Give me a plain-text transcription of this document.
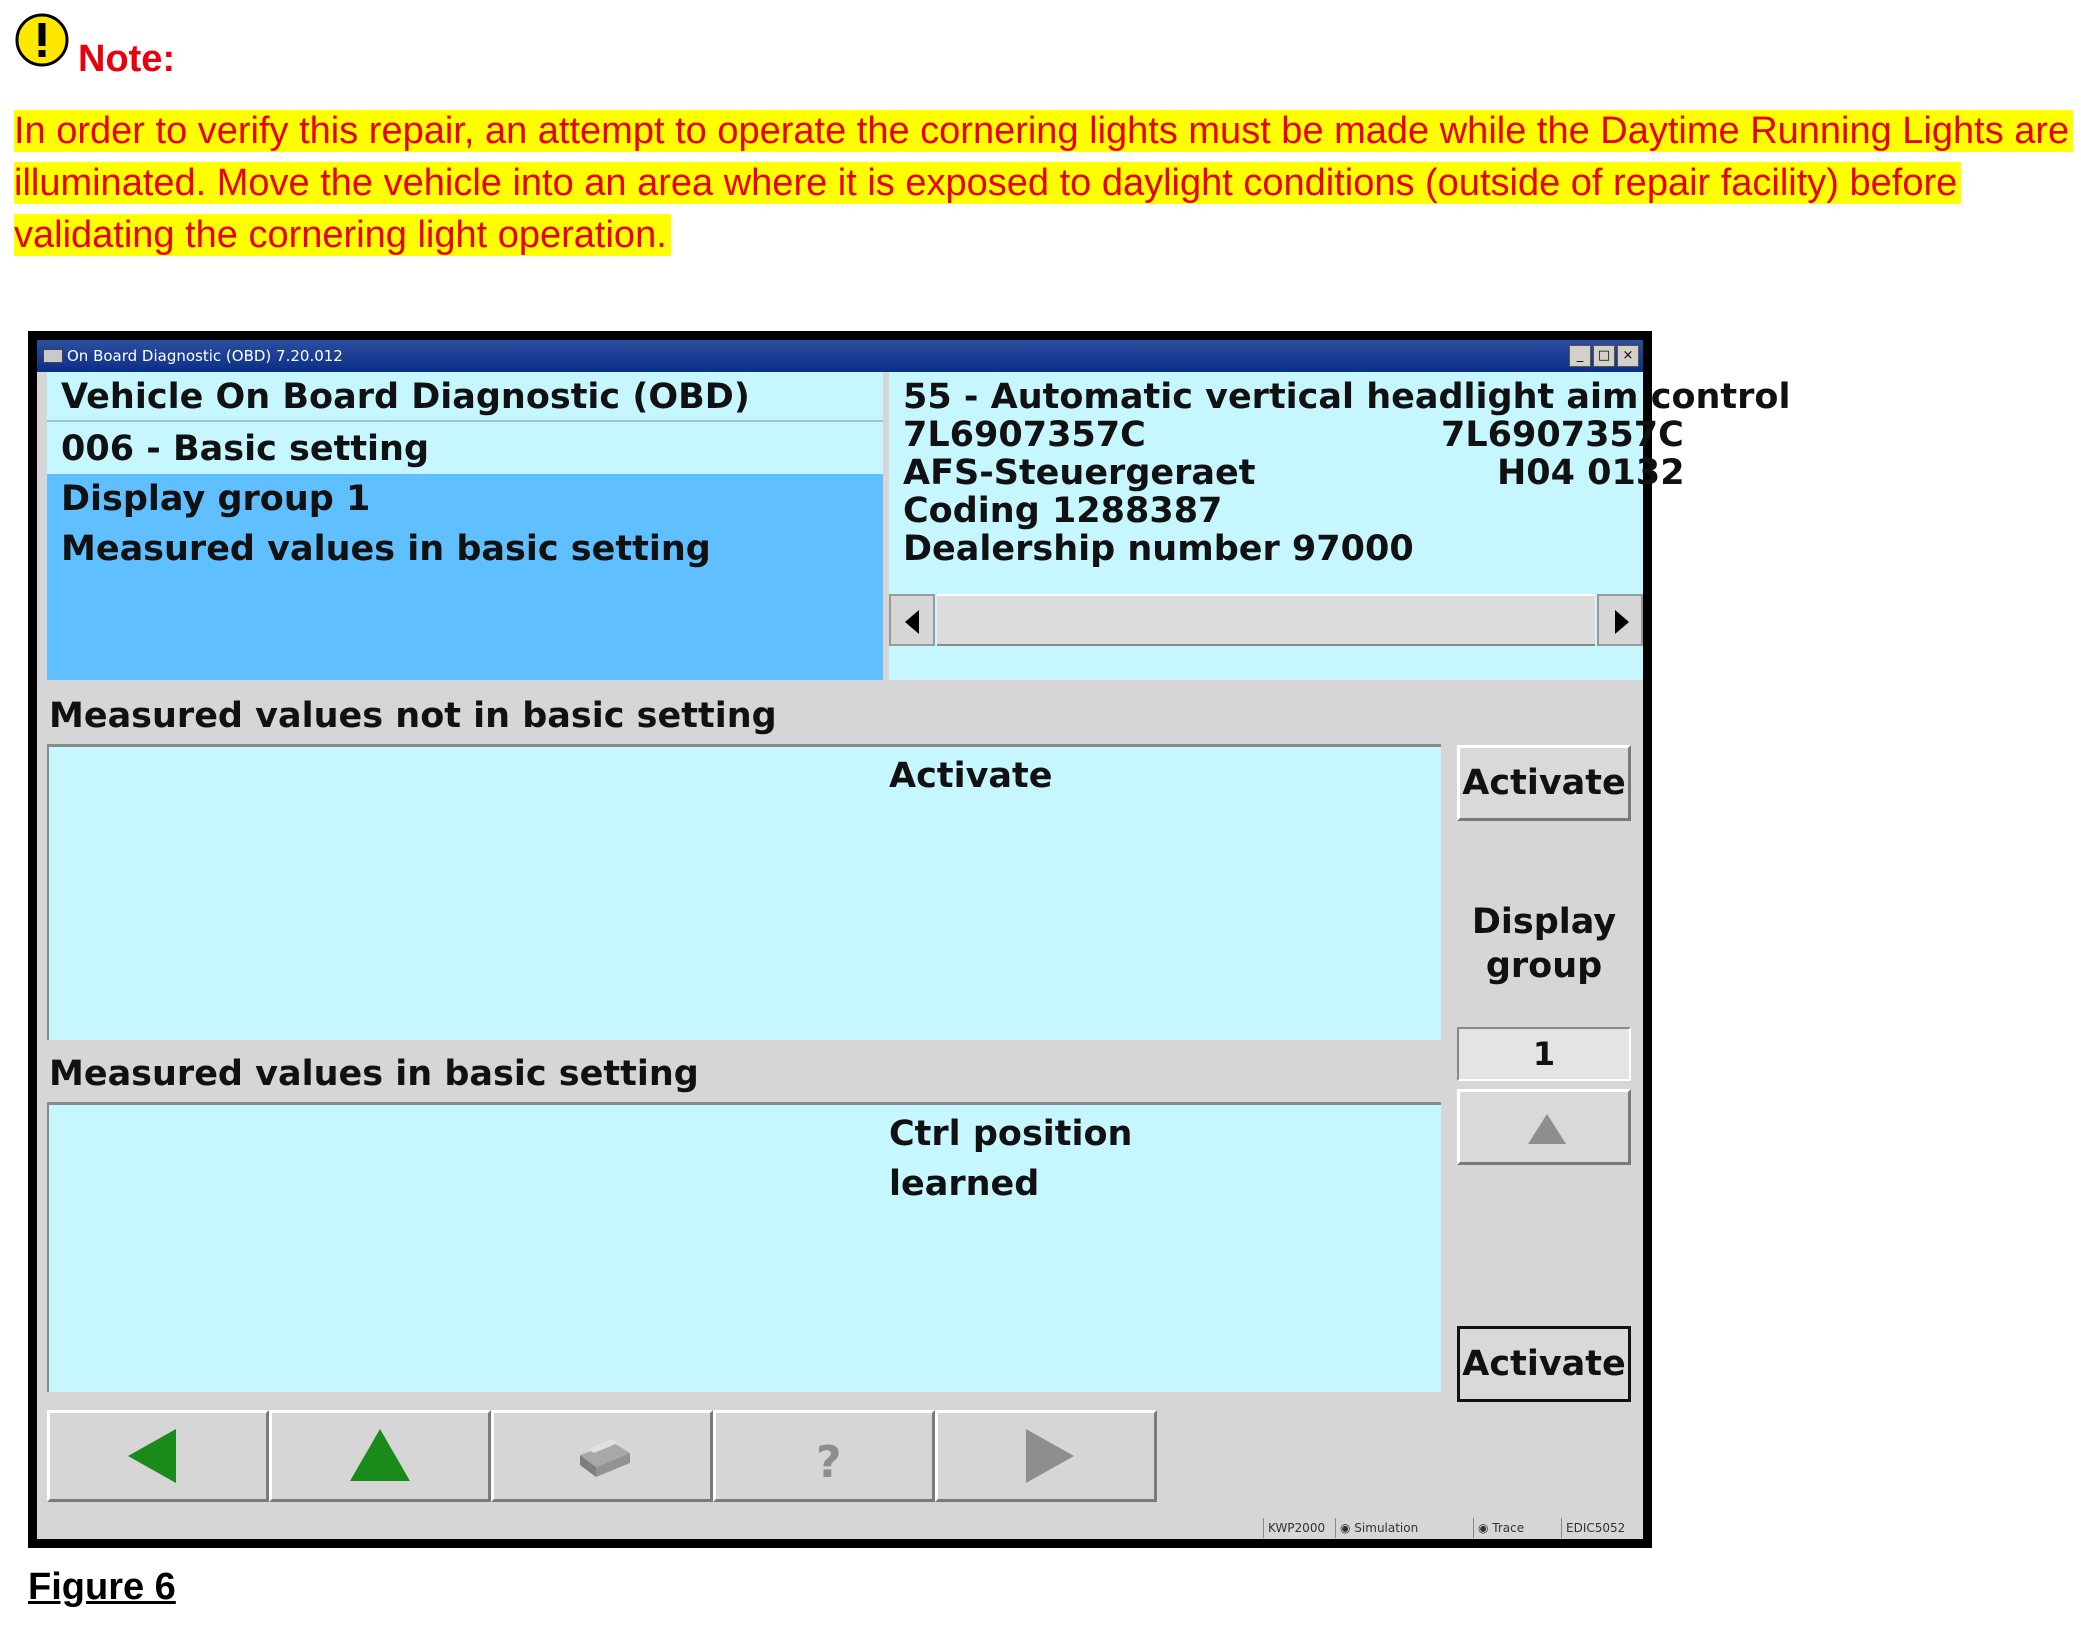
Note:
In order to verify this repair, an attempt to operate the cornering lights must be made while the Daytime Running Lights are illuminated. Move the vehicle into an area where it is exposed to daylight conditions (outside of repair facility) before validating the cornering light operation.
On Board Diagnostic (OBD) 7.20.012	_	□ ×
Vehicle On Board Diagnostic (OBD)
006 - Basic setting
Display group 1
Measured values in basic setting
55 - Automatic vertical headlight aim control
7L6907357C	7L6907357C
AFS-Steuergeraet	H04 0132
Coding 1288387
Dealership number 97000
Measured values not in basic setting
Activate
Measured values in basic setting
Ctrl position
learned
Activate
Display
group
1
Activate
?
KWP2000	◉ Simulation	◉ Trace	EDIC5052
Figure 6
